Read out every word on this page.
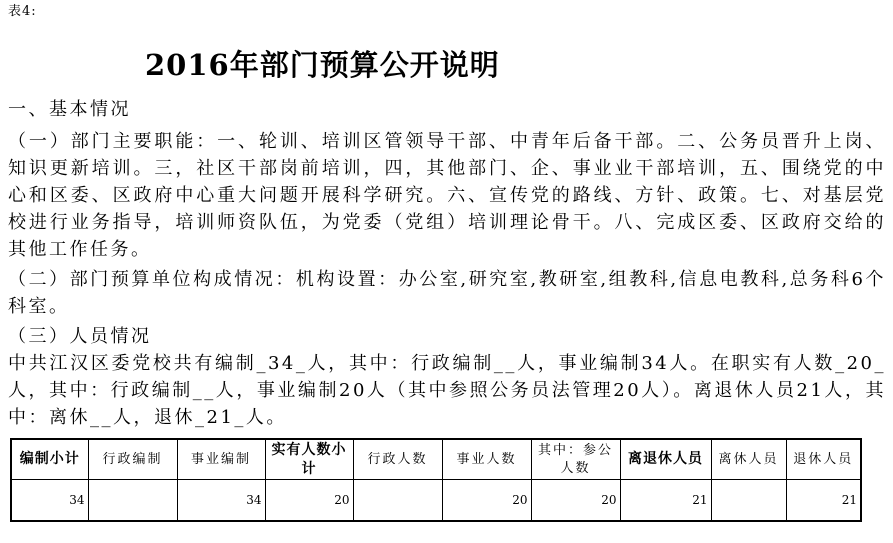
表4:
2016年部门预算公开说明
一、基本情况

（一）部门主要职能：一、轮训、培训区管领导干部、中青年后备干部。二、公务员晋升上岗、知识更新培训。三，社区干部岗前培训，四，其他部门、企、事业业干部培训，五、围绕党的中心和区委、区政府中心重大问题开展科学研究。六、宣传党的路线、方针、政策。七、对基层党校进行业务指导，培训师资队伍，为党委（党组）培训理论骨干。八、完成区委、区政府交给的其他工作任务。

（二）部门预算单位构成情况：机构设置：办公室,研究室,教研室,组教科,信息电教科,总务科6个科室。

（三）人员情况

中共江汉区委党校共有编制_34_人，其中：行政编制__人，事业编制34人。在职实有人数_20_人，其中：行政编制__人，事业编制20人（其中参照公务员法管理20人）。离退休人员21人，其中：离休__人，退休_21_人。

编制小计	行政编制	事业编制	实有人数小计	行政人数	事业人数	其中：参公人数	离退休人员	离休人员	退休人员
34		34	20		20	20	21		21
